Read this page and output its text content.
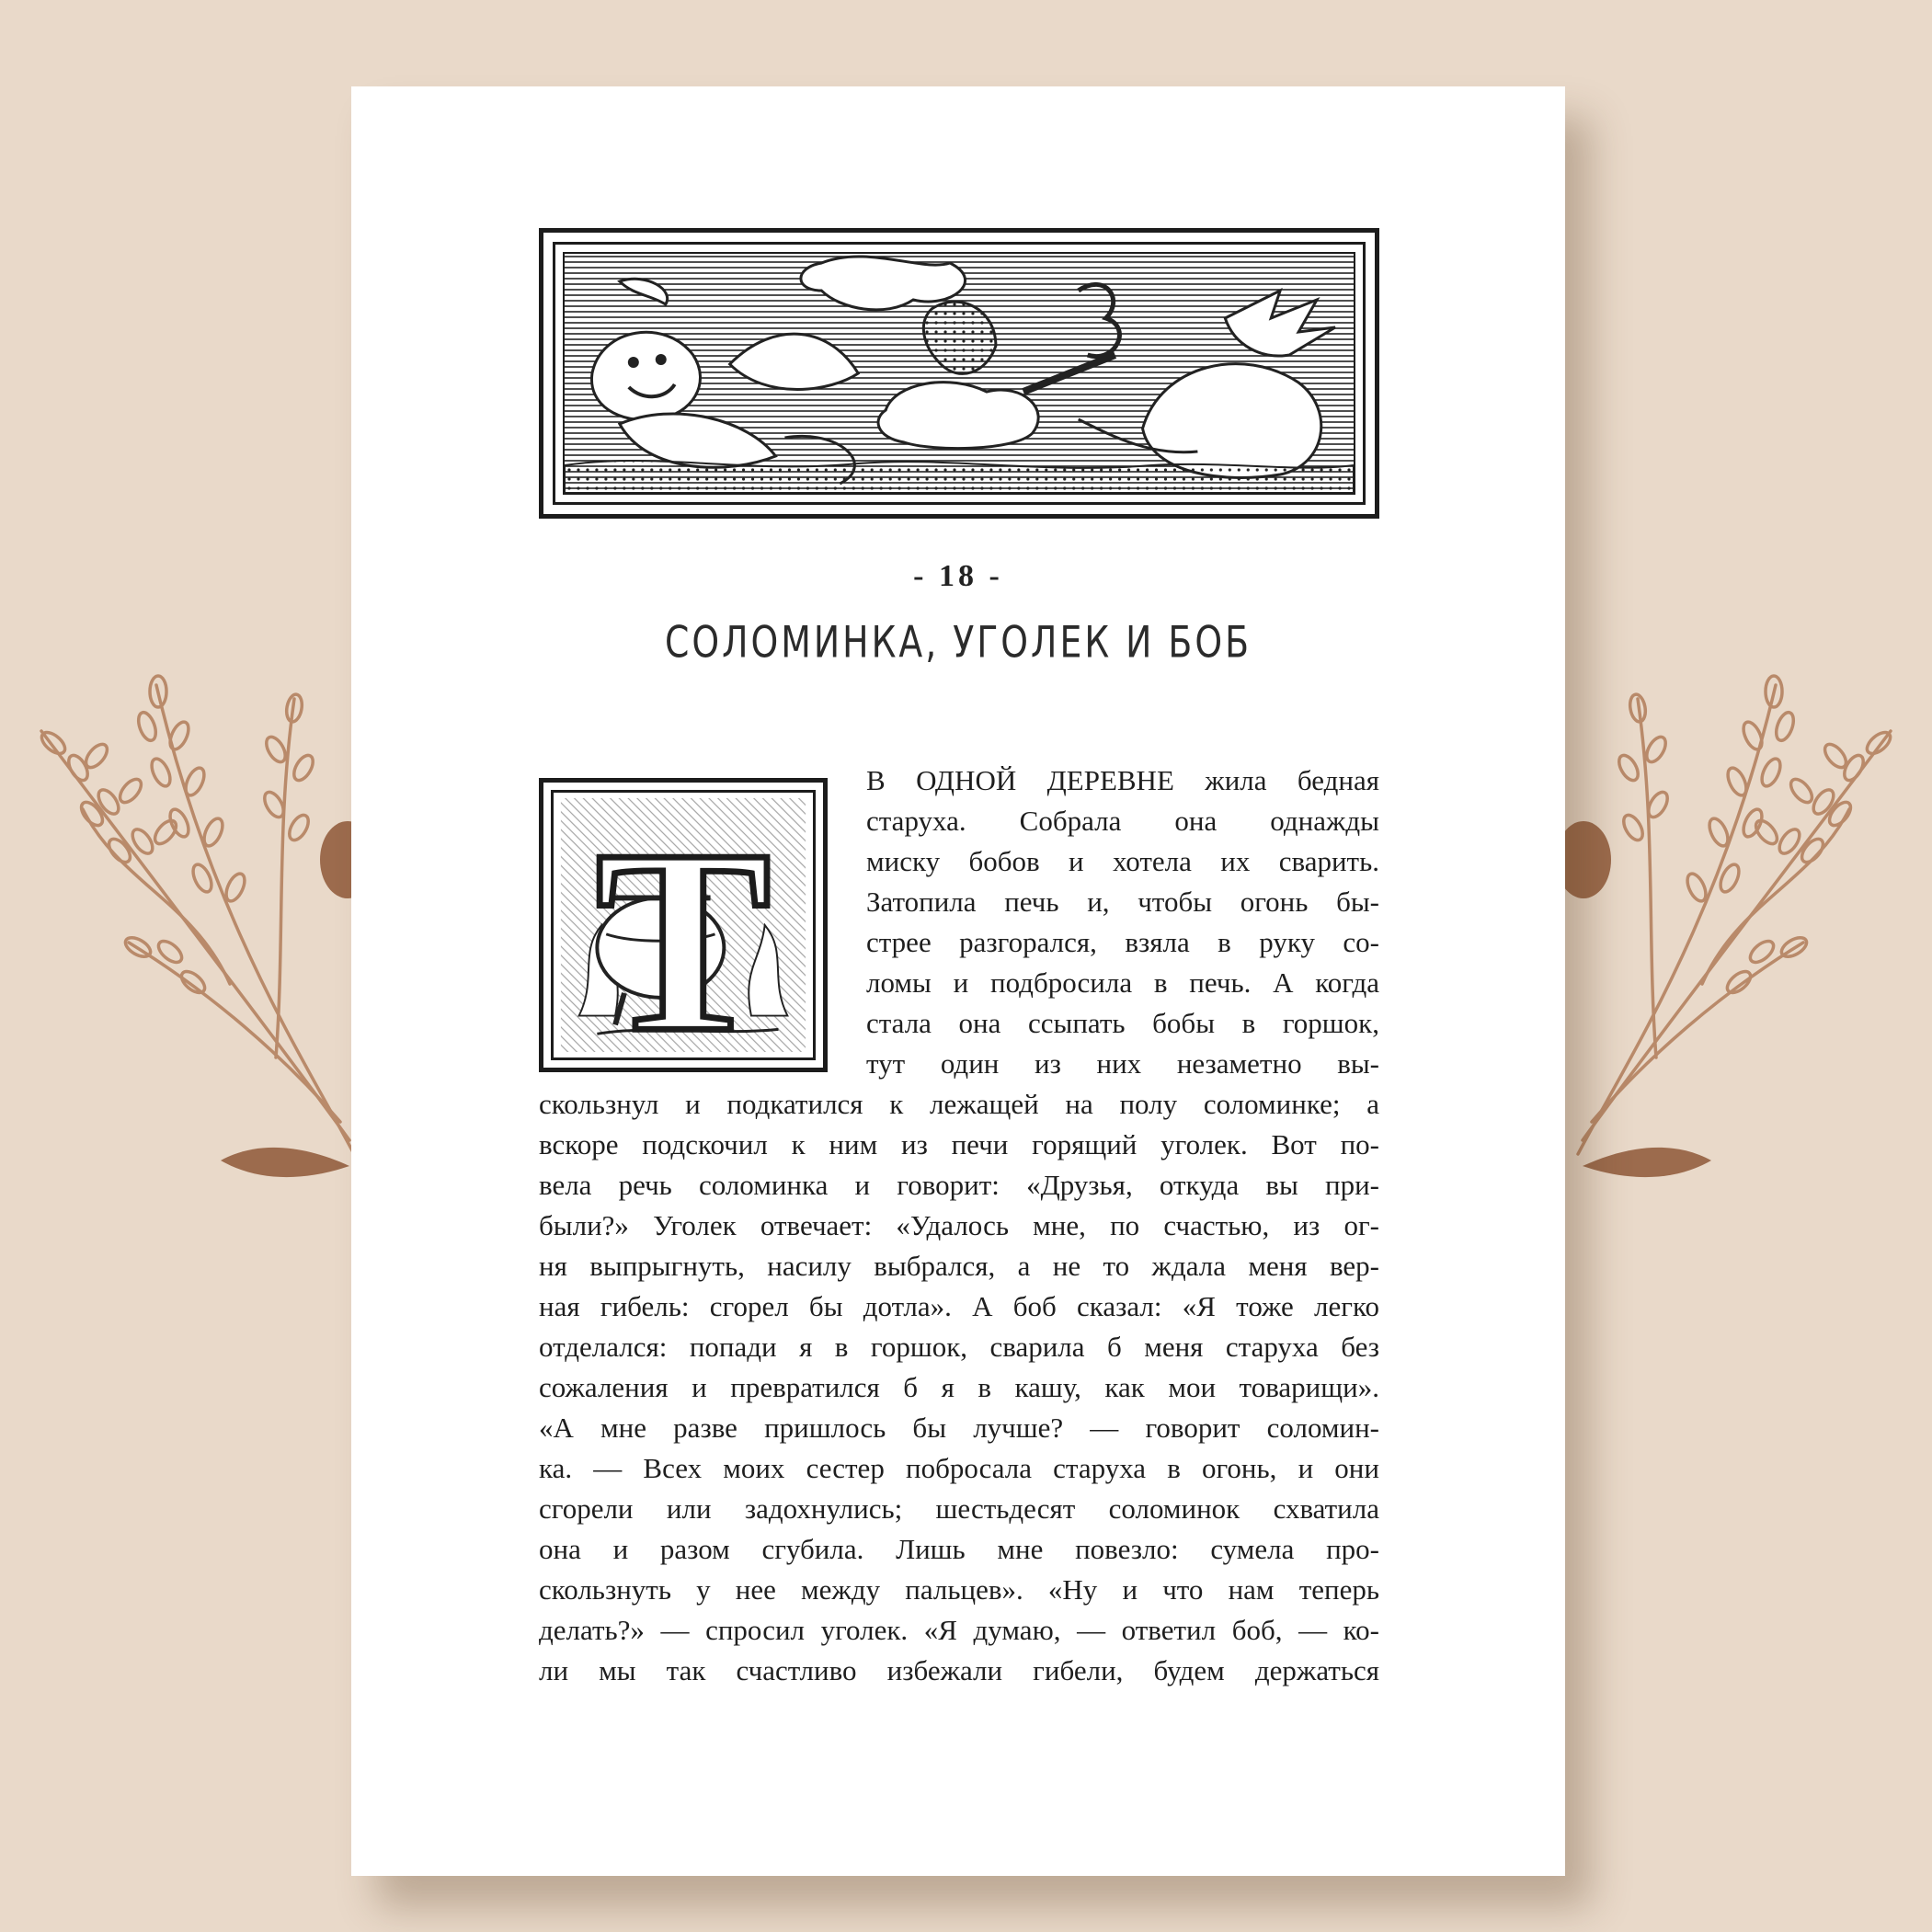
- 18 -
СОЛОМИНКА, УГОЛЕК И БОБ
Т
В ОДНОЙ ДЕРЕВНЕ жила бедная
старуха. Собрала она однажды
миску бобов и хотела их сварить.
Затопила печь и, чтобы огонь бы-
стрее разгорался, взяла в руку со-
ломы и подбросила в печь. А когда
стала она ссыпать бобы в горшок,
тут один из них незаметно вы-
скользнул и подкатился к лежащей на полу соломинке; а
вскоре подскочил к ним из печи горящий уголек. Вот по-
вела речь соломинка и говорит: «Друзья, откуда вы при-
были?» Уголек отвечает: «Удалось мне, по счастью, из ог-
ня выпрыгнуть, насилу выбрался, а не то ждала меня вер-
ная гибель: сгорел бы дотла». А боб сказал: «Я тоже легко
отделался: попади я в горшок, сварила б меня старуха без
сожаления и превратился б я в кашу, как мои товарищи».
«А мне разве пришлось бы лучше? — говорит соломин-
ка. — Всех моих сестер побросала старуха в огонь, и они
сгорели или задохнулись; шестьдесят соломинок схватила
она и разом сгубила. Лишь мне повезло: сумела про-
скользнуть у нее между пальцев». «Ну и что нам теперь
делать?» — спросил уголек. «Я думаю, — ответил боб, — ко-
ли мы так счастливо избежали гибели, будем держаться
